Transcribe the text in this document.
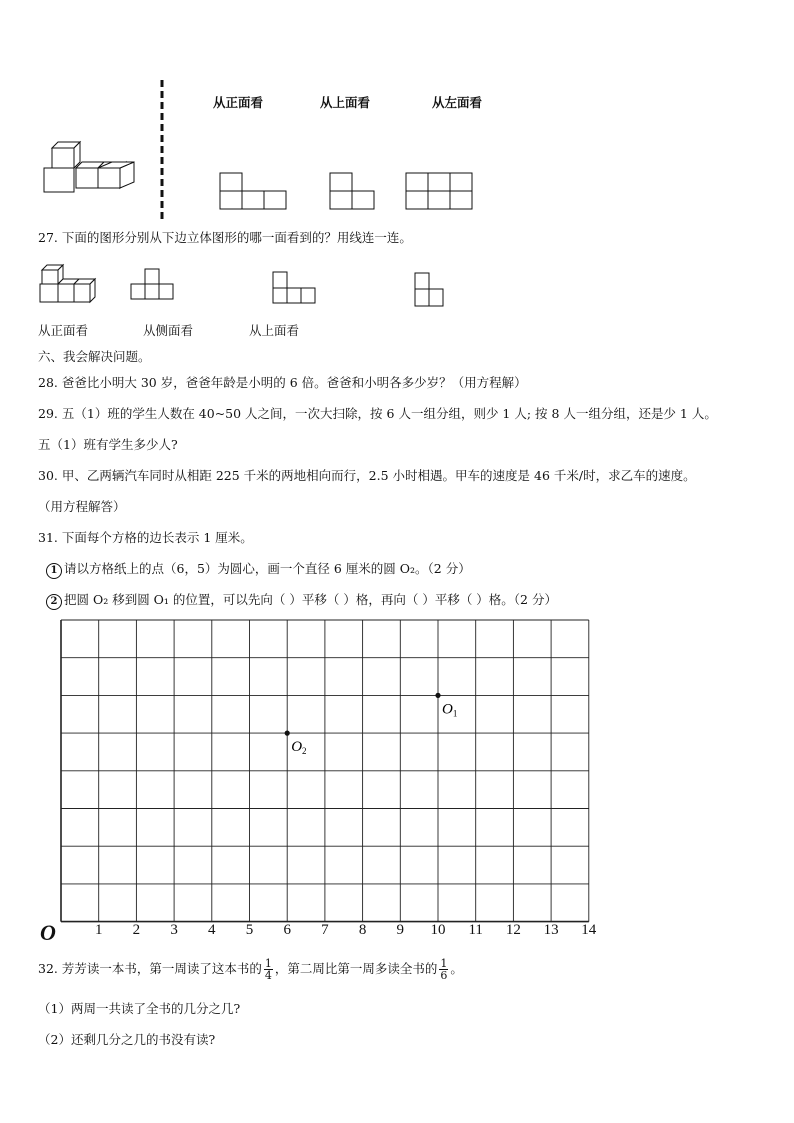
从正面看	从上面看	从左面看
27. 下面的图形分别从下边立体图形的哪一面看到的？用线连一连。
从正面看	从侧面看	从上面看
六、我会解决问题。
28. 爸爸比小明大 30 岁，爸爸年龄是小明的 6 倍。爸爸和小明各多少岁？（用方程解）
29. 五（1）班的学生人数在 40~50 人之间，一次大扫除，按 6 人一组分组，则少 1 人; 按 8 人一组分组，还是少 1 人。
五（1）班有学生多少人?
30. 甲、乙两辆汽车同时从相距 225 千米的两地相向而行，2.5 小时相遇。甲车的速度是 46 千米/时，求乙车的速度。
（用方程解答）
31. 下面每个方格的边长表示 1 厘米。
1 请以方格纸上的点（6，5）为圆心，画一个直径 6 厘米的圆 O₂。（2 分）
2 把圆 O₂ 移到圆 O₁ 的位置，可以先向（ ）平移（ ）格，再向（ ）平移（ ）格。（2 分）
$O_1$
$O_2$
O	1 2 3 4 5 6 7 8 9 10 11 12 13 14
32. 芳芳读一本书，第一周读了这本书的 $\frac{1}{4}$ ，第二周比第一周多读全书的 $\frac{1}{6}$ 。
（1）两周一共读了全书的几分之几?
（2）还剩几分之几的书没有读?
